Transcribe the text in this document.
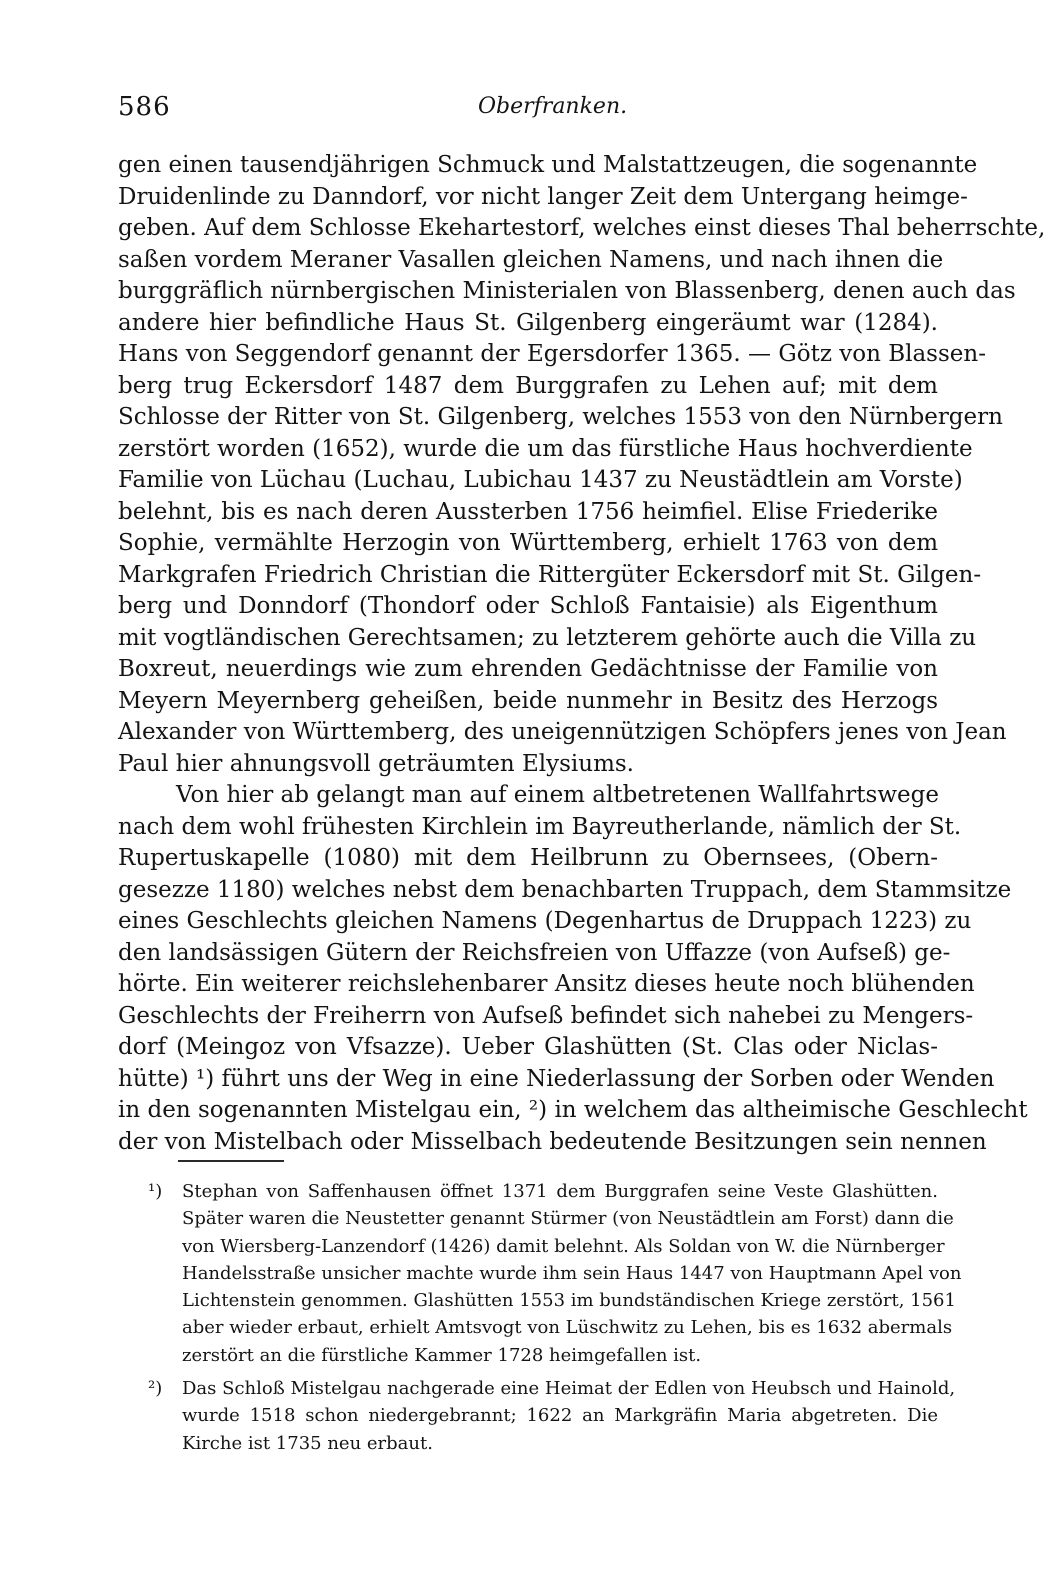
586	Oberfranken.
gen einen tausendjährigen Schmuck und Malstattzeugen, die sogenannte
Druidenlinde zu Danndorf, vor nicht langer Zeit dem Untergang heimge-
geben. Auf dem Schlosse Ekehartestorf, welches einst dieses Thal beherrschte,
saßen vordem Meraner Vasallen gleichen Namens, und nach ihnen die
burggräflich nürnbergischen Ministerialen von Blassenberg, denen auch das
andere hier befindliche Haus St. Gilgenberg eingeräumt war (1284).
Hans von Seggendorf genannt der Egersdorfer 1365. — Götz von Blassen-
berg trug Eckersdorf 1487 dem Burggrafen zu Lehen auf; mit dem
Schlosse der Ritter von St. Gilgenberg, welches 1553 von den Nürnbergern
zerstört worden (1652), wurde die um das fürstliche Haus hochverdiente
Familie von Lüchau (Luchau, Lubichau 1437 zu Neustädtlein am Vorste)
belehnt, bis es nach deren Aussterben 1756 heimfiel. Elise Friederike
Sophie, vermählte Herzogin von Württemberg, erhielt 1763 von dem
Markgrafen Friedrich Christian die Rittergüter Eckersdorf mit St. Gilgen-
berg und Donndorf (Thondorf oder Schloß Fantaisie) als Eigenthum
mit vogtländischen Gerechtsamen; zu letzterem gehörte auch die Villa zu
Boxreut, neuerdings wie zum ehrenden Gedächtnisse der Familie von
Meyern Meyernberg geheißen, beide nunmehr in Besitz des Herzogs
Alexander von Württemberg, des uneigennützigen Schöpfers jenes von Jean
Paul hier ahnungsvoll geträumten Elysiums.
Von hier ab gelangt man auf einem altbetretenen Wallfahrtswege
nach dem wohl frühesten Kirchlein im Bayreutherlande, nämlich der St.
Rupertuskapelle (1080) mit dem Heilbrunn zu Obernsees, (Obern-
gesezze 1180) welches nebst dem benachbarten Truppach, dem Stammsitze
eines Geschlechts gleichen Namens (Degenhartus de Druppach 1223) zu
den landsässigen Gütern der Reichsfreien von Uffazze (von Aufseß) ge-
hörte. Ein weiterer reichslehenbarer Ansitz dieses heute noch blühenden
Geschlechts der Freiherrn von Aufseß befindet sich nahebei zu Mengers-
dorf (Meingoz von Vfsazze). Ueber Glashütten (St. Clas oder Niclas-
hütte) ¹) führt uns der Weg in eine Niederlassung der Sorben oder Wenden
in den sogenannten Mistelgau ein, ²) in welchem das altheimische Geschlecht
der von Mistelbach oder Misselbach bedeutende Besitzungen sein nennen
¹) Stephan von Saffenhausen öffnet 1371 dem Burggrafen seine Veste Glashütten.
Später waren die Neustetter genannt Stürmer (von Neustädtlein am Forst) dann die
von Wiersberg-Lanzendorf (1426) damit belehnt. Als Soldan von W. die Nürnberger
Handelsstraße unsicher machte wurde ihm sein Haus 1447 von Hauptmann Apel von
Lichtenstein genommen. Glashütten 1553 im bundständischen Kriege zerstört, 1561
aber wieder erbaut, erhielt Amtsvogt von Lüschwitz zu Lehen, bis es 1632 abermals
zerstört an die fürstliche Kammer 1728 heimgefallen ist.
²) Das Schloß Mistelgau nachgerade eine Heimat der Edlen von Heubsch und Hainold,
wurde 1518 schon niedergebrannt; 1622 an Markgräfin Maria abgetreten. Die
Kirche ist 1735 neu erbaut.
